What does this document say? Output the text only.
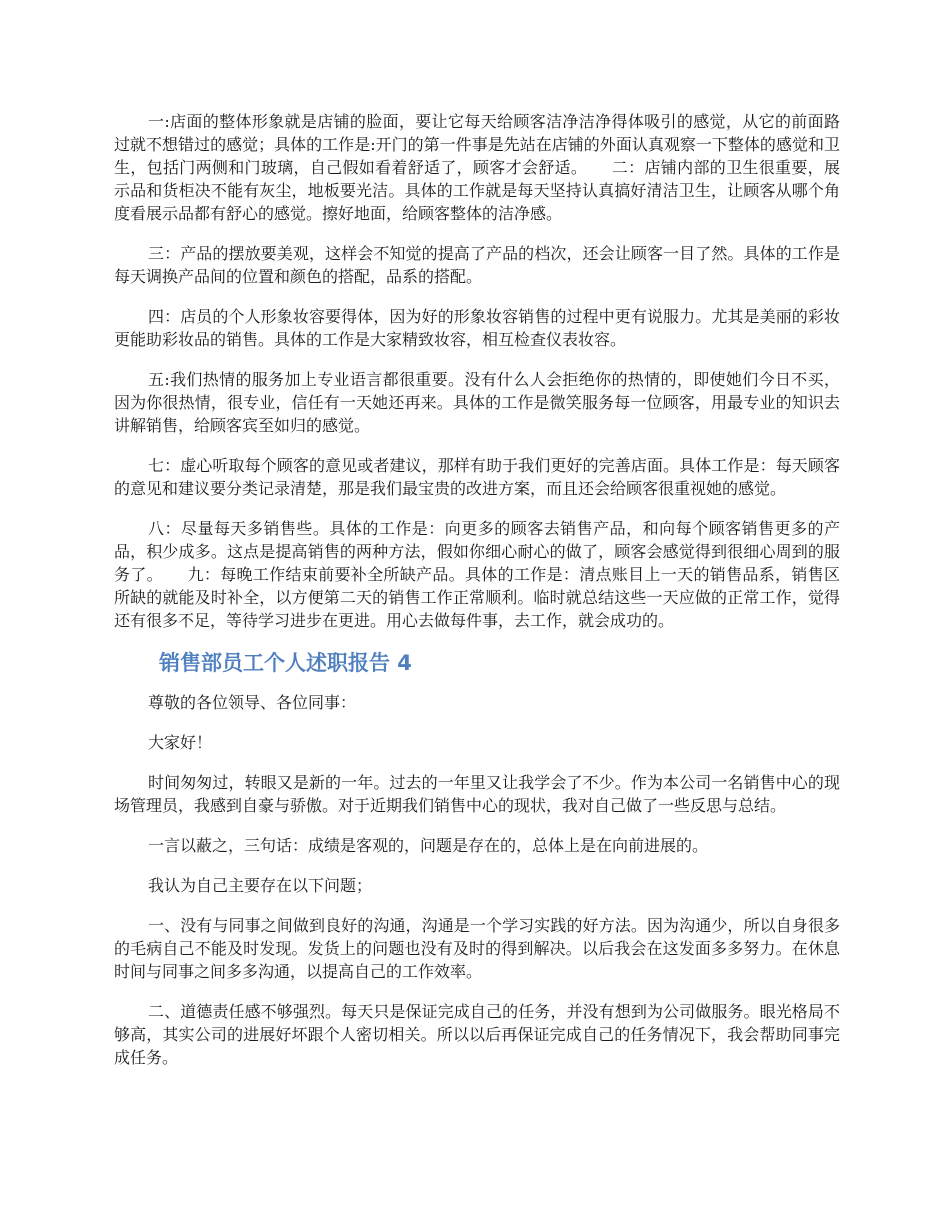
一:店面的整体形象就是店铺的脸面，要让它每天给顾客洁净洁净得体吸引的感觉，从它的前面路过就不想错过的感觉；具体的工作是:开门的第一件事是先站在店铺的外面认真观察一下整体的感觉和卫生，包括门两侧和门玻璃，自己假如看着舒适了，顾客才会舒适。　　二：店铺内部的卫生很重要，展示品和货柜决不能有灰尘，地板要光洁。具体的工作就是每天坚持认真搞好清洁卫生，让顾客从哪个角度看展示品都有舒心的感觉。擦好地面，给顾客整体的洁净感。

三：产品的摆放要美观，这样会不知觉的提高了产品的档次，还会让顾客一目了然。具体的工作是每天调换产品间的位置和颜色的搭配，品系的搭配。

四：店员的个人形象妆容要得体，因为好的形象妆容销售的过程中更有说服力。尤其是美丽的彩妆更能助彩妆品的销售。具体的工作是大家精致妆容，相互检查仪表妆容。

五:我们热情的服务加上专业语言都很重要。没有什么人会拒绝你的热情的，即使她们今日不买，因为你很热情，很专业，信任有一天她还再来。具体的工作是微笑服务每一位顾客，用最专业的知识去讲解销售，给顾客宾至如归的感觉。

七：虚心听取每个顾客的意见或者建议，那样有助于我们更好的完善店面。具体工作是：每天顾客的意见和建议要分类记录清楚，那是我们最宝贵的改进方案，而且还会给顾客很重视她的感觉。

八：尽量每天多销售些。具体的工作是：向更多的顾客去销售产品，和向每个顾客销售更多的产品，积少成多。这点是提高销售的两种方法，假如你细心耐心的做了，顾客会感觉得到很细心周到的服务了。　　九：每晚工作结束前要补全所缺产品。具体的工作是：清点账目上一天的销售品系，销售区所缺的就能及时补全，以方便第二天的销售工作正常顺利。临时就总结这些一天应做的正常工作，觉得还有很多不足，等待学习进步在更进。用心去做每件事，去工作，就会成功的。

销售部员工个人述职报告 4

尊敬的各位领导、各位同事：

大家好！

时间匆匆过，转眼又是新的一年。过去的一年里又让我学会了不少。作为本公司一名销售中心的现场管理员，我感到自豪与骄傲。对于近期我们销售中心的现状，我对自己做了一些反思与总结。

一言以蔽之，三句话：成绩是客观的，问题是存在的，总体上是在向前进展的。

我认为自己主要存在以下问题；

一、没有与同事之间做到良好的沟通，沟通是一个学习实践的好方法。因为沟通少，所以自身很多的毛病自己不能及时发现。发货上的问题也没有及时的得到解决。以后我会在这发面多多努力。在休息时间与同事之间多多沟通，以提高自己的工作效率。

二、道德责任感不够强烈。每天只是保证完成自己的任务，并没有想到为公司做服务。眼光格局不够高，其实公司的进展好坏跟个人密切相关。所以以后再保证完成自己的任务情况下，我会帮助同事完成任务。
